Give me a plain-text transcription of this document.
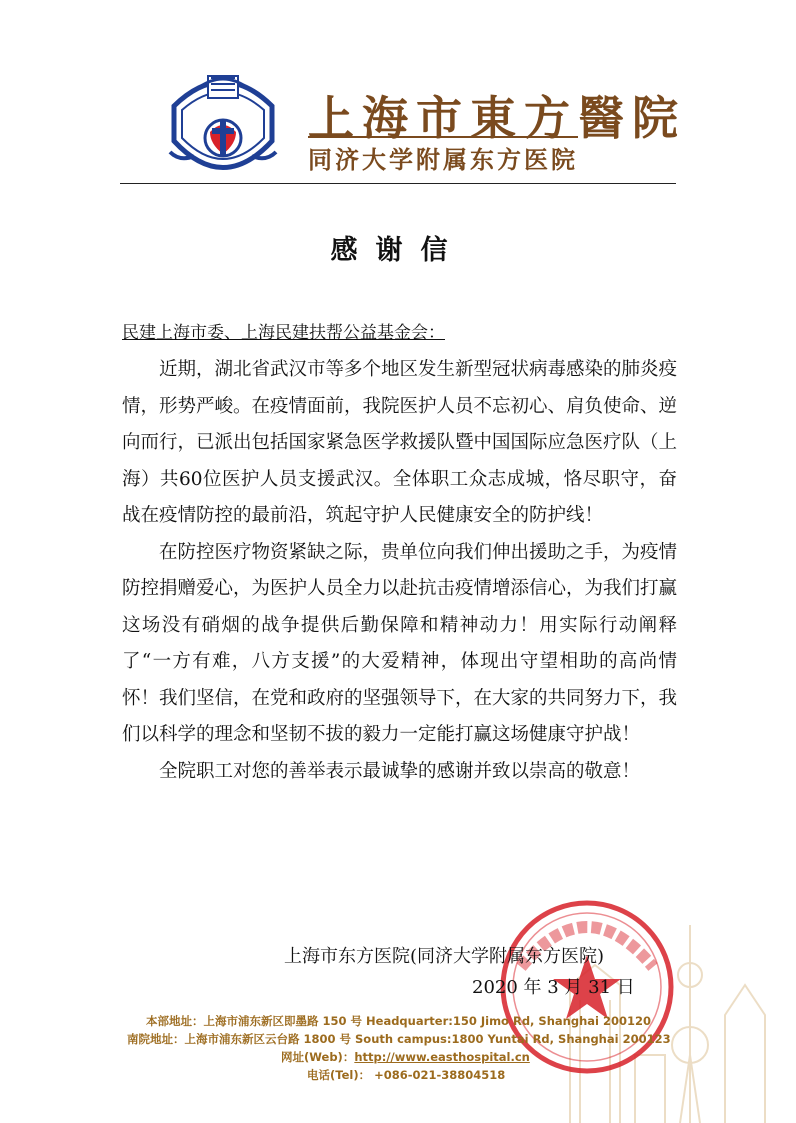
上海市東方醫院
同济大学附属东方医院
感谢信
民建上海市委、上海民建扶帮公益基金会：

近期，湖北省武汉市等多个地区发生新型冠状病毒感染的肺炎疫情，形势严峻。在疫情面前，我院医护人员不忘初心、肩负使命、逆向而行，已派出包括国家紧急医学救援队暨中国国际应急医疗队（上海）共60位医护人员支援武汉。全体职工众志成城，恪尽职守，奋战在疫情防控的最前沿，筑起守护人民健康安全的防护线！

在防控医疗物资紧缺之际，贵单位向我们伸出援助之手，为疫情防控捐赠爱心，为医护人员全力以赴抗击疫情增添信心，为我们打赢这场没有硝烟的战争提供后勤保障和精神动力！用实际行动阐释了“一方有难，八方支援”的大爱精神，体现出守望相助的高尚情怀！我们坚信，在党和政府的坚强领导下，在大家的共同努力下，我们以科学的理念和坚韧不拔的毅力一定能打赢这场健康守护战！

全院职工对您的善举表示最诚挚的感谢并致以崇高的敬意！

上海市东方医院(同济大学附属东方医院)
2020 年 3 月 31 日
本部地址：上海市浦东新区即墨路 150 号 Headquarter:150 Jimo Rd, Shanghai 200120
南院地址：上海市浦东新区云台路 1800 号 South campus:1800 Yuntai Rd, Shanghai 200123
网址(Web)：http://www.easthospital.cn
电话(Tel)： +086-021-38804518
